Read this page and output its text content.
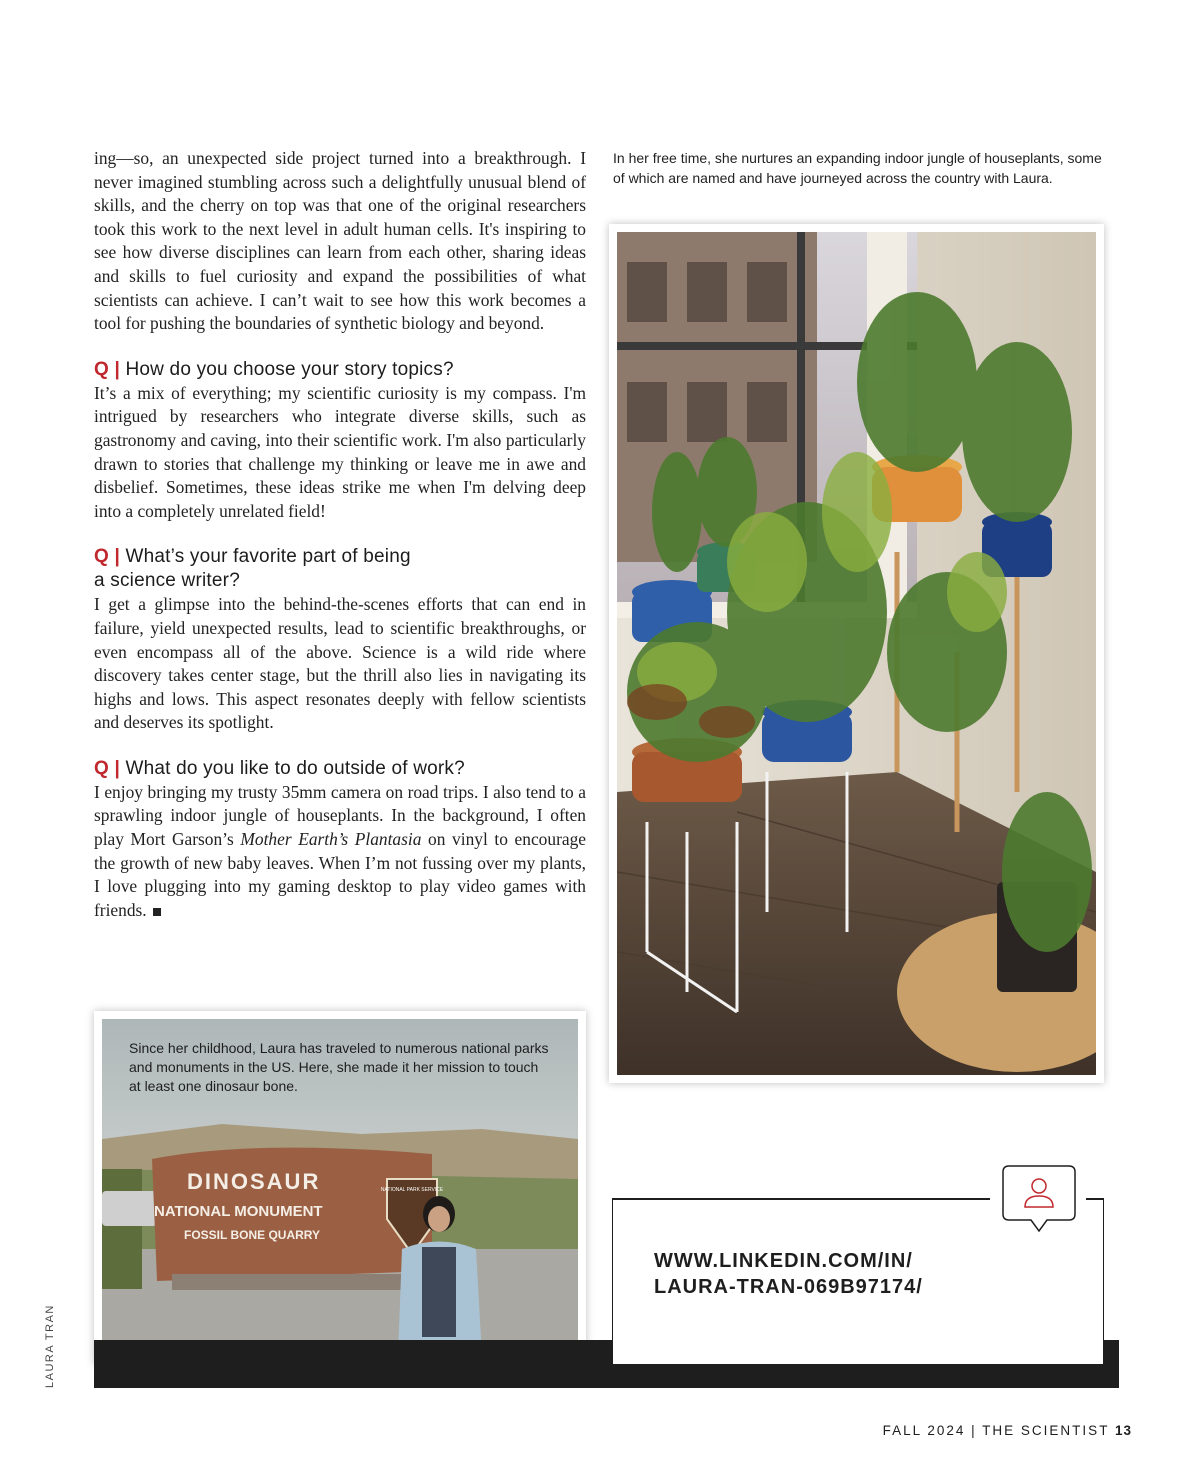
ing—so, an unexpected side project turned into a breakthrough. I never imagined stumbling across such a delightfully unusual blend of skills, and the cherry on top was that one of the original researchers took this work to the next level in adult human cells. It's inspiring to see how diverse disciplines can learn from each other, sharing ideas and skills to fuel curiosity and expand the possibilities of what scientists can achieve. I can’t wait to see how this work becomes a tool for pushing the boundaries of synthetic biology and beyond.

Q | How do you choose your story topics?

It’s a mix of everything; my scientific curiosity is my compass. I'm intrigued by researchers who integrate diverse skills, such as gastronomy and caving, into their scientific work. I'm also particularly drawn to stories that challenge my thinking or leave me in awe and disbelief. Sometimes, these ideas strike me when I'm delving deep into a completely unrelated field!

Q | What’s your favorite part of being
a science writer?

I get a glimpse into the behind-the-scenes efforts that can end in failure, yield unexpected results, lead to scientific breakthroughs, or even encompass all of the above. Science is a wild ride where discovery takes center stage, but the thrill also lies in navigating its highs and lows. This aspect resonates deeply with fellow scientists and deserves its spotlight.

Q | What do you like to do outside of work?

I enjoy bringing my trusty 35mm camera on road trips. I also tend to a sprawling indoor jungle of houseplants. In the background, I often play Mort Garson’s Mother Earth’s Plantasia on vinyl to encourage the growth of new baby leaves. When I’m not fussing over my plants, I love plugging into my gaming desktop to play video games with friends.

In her free time, she nurtures an expanding indoor jungle of houseplants, some of which are named and have journeyed across the country with Laura.
DINOSAUR
NATIONAL MONUMENT
FOSSIL BONE QUARRY
NATIONAL PARK SERVICE
Since her childhood, Laura has traveled to numerous national parks and monuments in the US. Here, she made it her mission to touch at least one dinosaur bone.
WWW.LINKEDIN.COM/IN/
LAURA-TRAN-069B97174/
LAURA TRAN
FALL 2024 | THE SCIENTIST 13
